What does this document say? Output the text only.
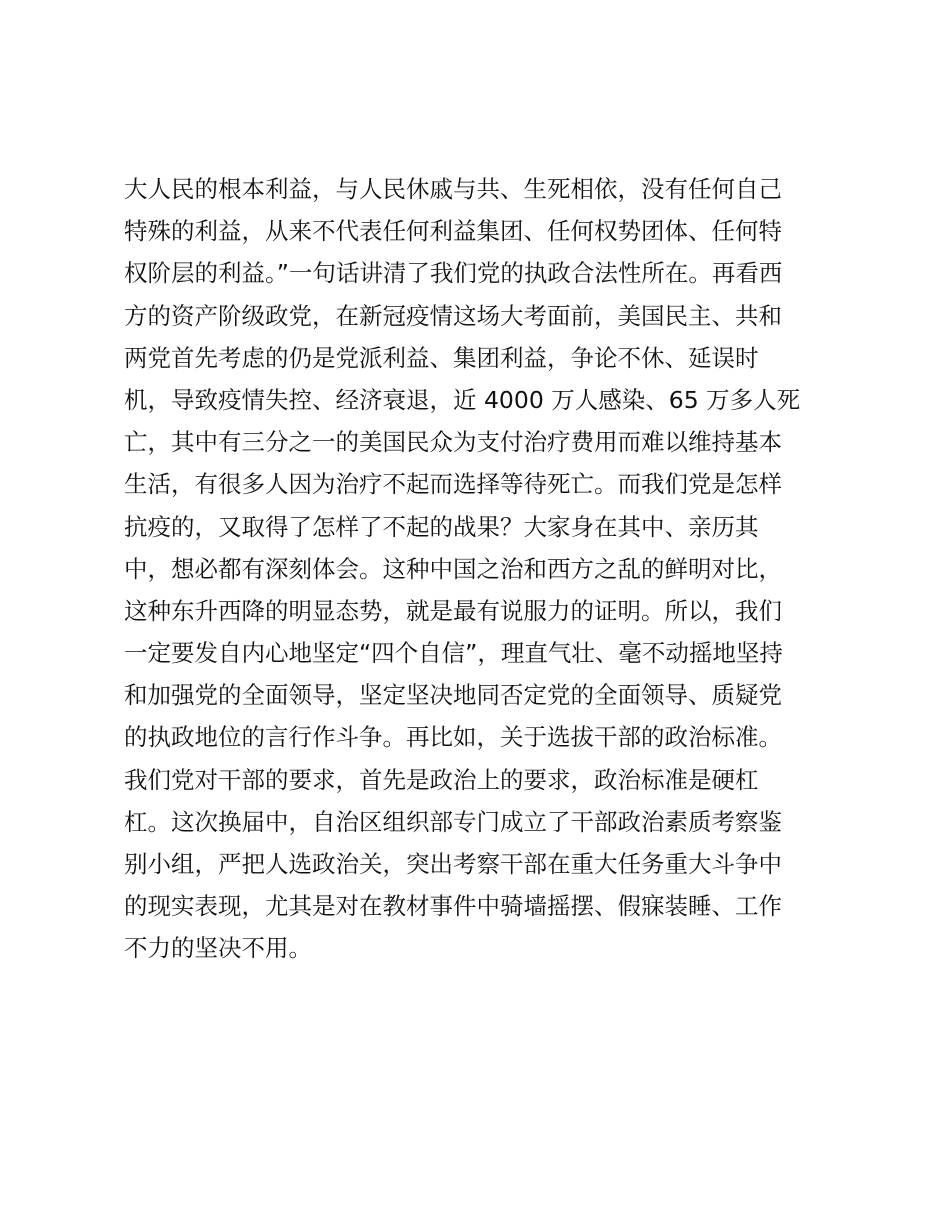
大人民的根本利益，与人民休戚与共、生死相依，没有任何自己
特殊的利益，从来不代表任何利益集团、任何权势团体、任何特
权阶层的利益。”一句话讲清了我们党的执政合法性所在。再看西
方的资产阶级政党，在新冠疫情这场大考面前，美国民主、共和
两党首先考虑的仍是党派利益、集团利益，争论不休、延误时
机，导致疫情失控、经济衰退，近 4000 万人感染、65 万多人死
亡，其中有三分之一的美国民众为支付治疗费用而难以维持基本
生活，有很多人因为治疗不起而选择等待死亡。而我们党是怎样
抗疫的，又取得了怎样了不起的战果？大家身在其中、亲历其
中，想必都有深刻体会。这种中国之治和西方之乱的鲜明对比，
这种东升西降的明显态势，就是最有说服力的证明。所以，我们
一定要发自内心地坚定“四个自信”，理直气壮、毫不动摇地坚持
和加强党的全面领导，坚定坚决地同否定党的全面领导、质疑党
的执政地位的言行作斗争。再比如，关于选拔干部的政治标准。
我们党对干部的要求，首先是政治上的要求，政治标准是硬杠
杠。这次换届中，自治区组织部专门成立了干部政治素质考察鉴
别小组，严把人选政治关，突出考察干部在重大任务重大斗争中
的现实表现，尤其是对在教材事件中骑墙摇摆、假寐装睡、工作
不力的坚决不用。
